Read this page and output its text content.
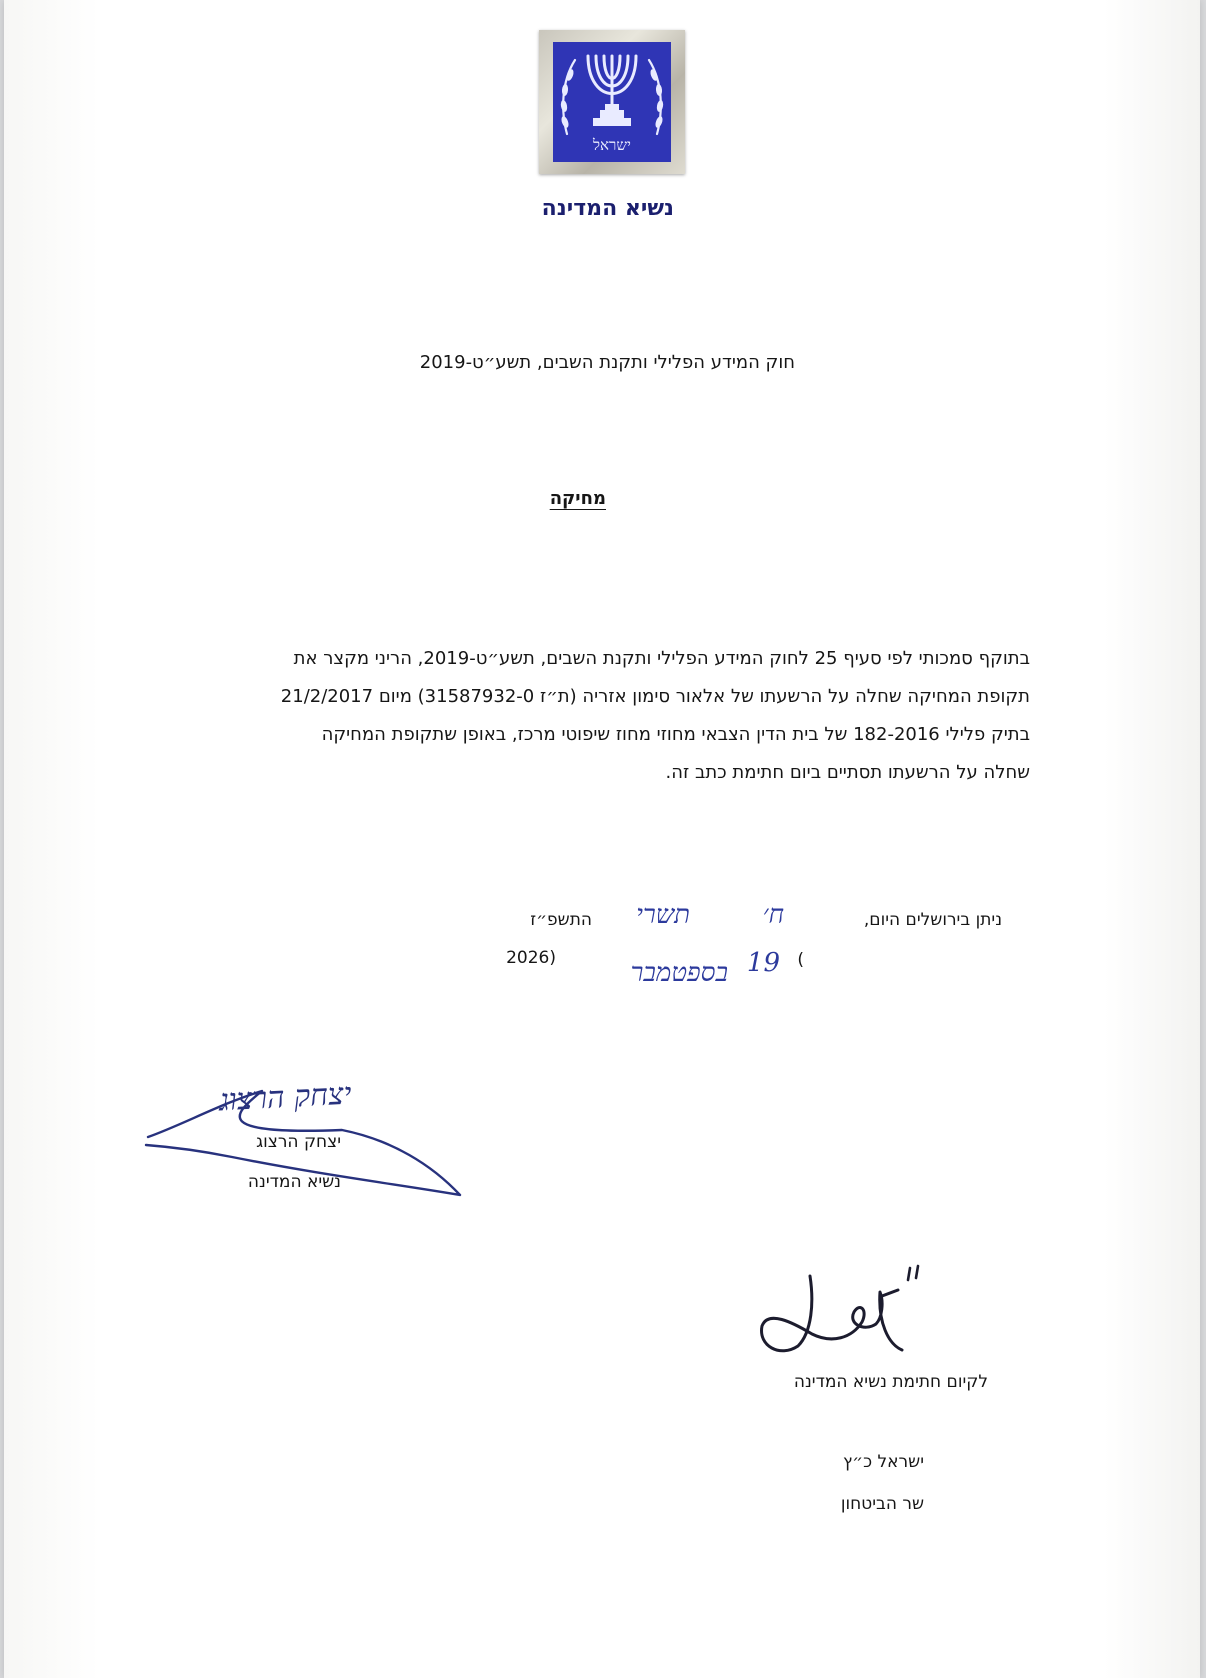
ישראל
נשיא המדינה
חוק המידע הפלילי ותקנת השבים, תשע״ט-2019
מחיקה
בתוקף סמכותי לפי סעיף 25 לחוק המידע הפלילי ותקנת השבים, תשע״ט-2019, הריני מקצר את
תקופת המחיקה שחלה על הרשעתו של אלאור סימון אזריה (ת״ז 31587932-0) מיום 21/2/2017
בתיק פלילי 182-2016 של בית הדין הצבאי מחוזי מחוז שיפוטי מרכז, באופן שתקופת המחיקה
שחלה על הרשעתו תסתיים ביום חתימת כתב זה.
ניתן בירושלים היום,
ח׳
תשרי
התשפ״ז
(
19
בספטמבר
2026)
יצחק הרצוג
יצחק הרצוג
נשיא המדינה
לקיום חתימת נשיא המדינה
ישראל כ״ץ
שר הביטחון
